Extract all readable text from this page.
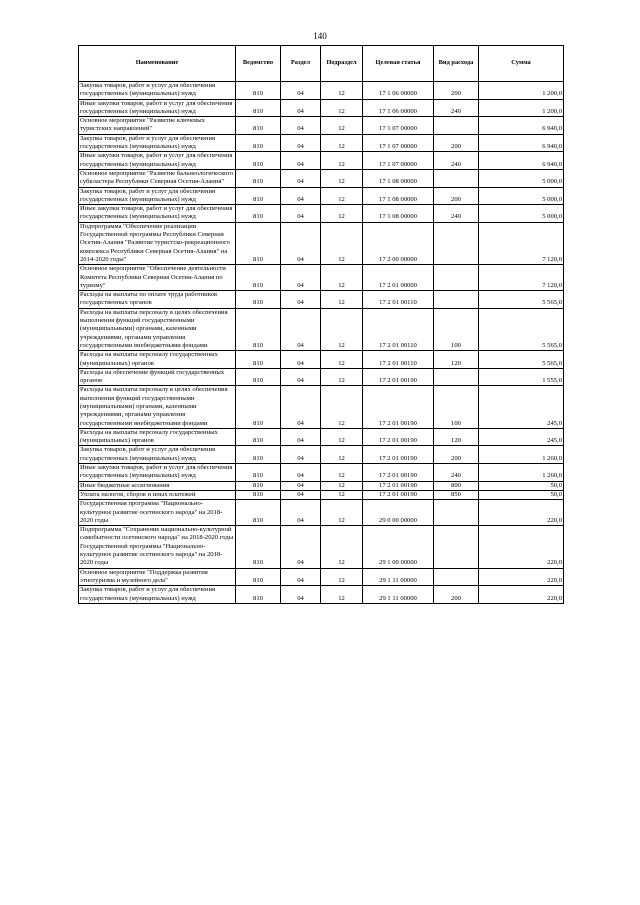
140
Наименование	Ведомство	Раздел	Подраздел	Целевая статья	Вид расхода	Сумма
Закупка товаров, работ и услуг для обеспечения государственных (муниципальных) нужд	810	04	12	17 1 06 00000	200	1 200,0
Иные закупки товаров, работ и услуг для обеспечения государственных (муниципальных) нужд	810	04	12	17 1 06 00000	240	1 200,0
Основное мероприятие "Развитие ключевых туристских направлений"	810	04	12	17 1 07 00000		6 940,0
Закупка товаров, работ и услуг для обеспечения государственных (муниципальных) нужд	810	04	12	17 1 07 00000	200	6 940,0
Иные закупки товаров, работ и услуг для обеспечения государственных (муниципальных) нужд	810	04	12	17 1 07 00000	240	6 940,0
Основное мероприятие "Развитие бальнеологического субкластера Республики Северная Осетия-Алания"	810	04	12	17 1 08 00000		5 000,0
Закупка товаров, работ и услуг для обеспечения государственных (муниципальных) нужд	810	04	12	17 1 08 00000	200	5 000,0
Иные закупки товаров, работ и услуг для обеспечения государственных (муниципальных) нужд	810	04	12	17 1 08 00000	240	5 000,0
Подпрограмма "Обеспечение реализации Государственной программы Республики Северная Осетия-Алания "Развитие туристско-рекреационного комплекса Республики Северная Осетия-Алания" на 2014-2020 годы"	810	04	12	17 2 00 00000		7 120,0
Основное мероприятие "Обеспечение деятельности Комитета Республики Северная Осетия-Алания по туризму"	810	04	12	17 2 01 00000		7 120,0
Расходы на выплаты по оплате труда работников государственных органов	810	04	12	17 2 01 00110		5 565,0
Расходы на выплаты персоналу в целях обеспечения выполнения функций государственными (муниципальными) органами, казенными учреждениями, органами управления государственными внебюджетными фондами	810	04	12	17 2 01 00110	100	5 565,0
Расходы на выплаты персоналу государственных (муниципальных) органов	810	04	12	17 2 01 00110	120	5 565,0
Расходы на обеспечение функций государственных органов	810	04	12	17 2 01 00190		1 555,0
Расходы на выплаты персоналу в целях обеспечения выполнения функций государственными (муниципальными) органами, казенными учреждениями, органами управления государственными внебюджетными фондами	810	04	12	17 2 01 00190	100	245,0
Расходы на выплаты персоналу государственных (муниципальных) органов	810	04	12	17 2 01 00190	120	245,0
Закупка товаров, работ и услуг для обеспечения государственных (муниципальных) нужд	810	04	12	17 2 01 00190	200	1 260,0
Иные закупки товаров, работ и услуг для обеспечения государственных (муниципальных) нужд	810	04	12	17 2 01 00190	240	1 260,0
Иные бюджетные ассигнования	810	04	12	17 2 01 00190	800	50,0
Уплата налогов, сборов и иных платежей	810	04	12	17 2 01 00190	850	50,0
Государственная программа "Национально-культурное развитие осетинского народа" на 2018-2020 годы	810	04	12	29 0 00 00000		220,0
Подпрограмма "Сохранение национально-культурной самобытности осетинского народа" на 2018-2020 годы Государственной программы "Национально-культурное развитие осетинского народа" на 2018-2020 годы	810	04	12	29 1 00 00000		220,0
Основное мероприятие "Поддержка развития этнотуризма и музейного дела"	810	04	12	29 1 11 00000		220,0
Закупка товаров, работ и услуг для обеспечения государственных (муниципальных) нужд	810	04	12	29 1 11 00000	200	220,0
